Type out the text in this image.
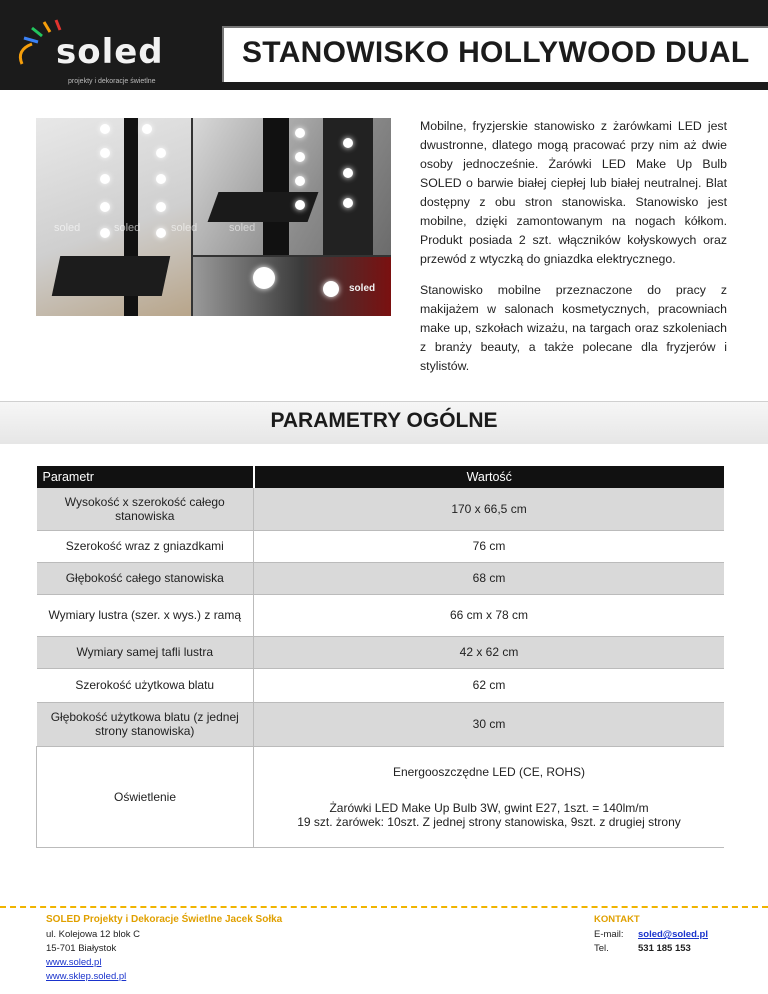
soled
projekty i dekoracje świetlne
STANOWISKO HOLLYWOOD DUAL
soled	soled	soled	soled
soled

Mobilne, fryzjerskie stanowisko z żarówkami LED jest dwustronne, dlatego mogą pracować przy nim aż dwie osoby jednocześnie. Żarówki LED Make Up Bulb SOLED o barwie białej ciepłej lub białej neutralnej. Blat dostępny z obu stron stanowiska. Stanowisko jest mobilne, dzięki zamontowanym na nogach kółkom. Produkt posiada 2 szt. włączników kołyskowych oraz przewód z wtyczką do gniazdka elektrycznego.

Stanowisko mobilne przeznaczone do pracy z makijażem w salonach kosmetycznych, pracowniach make up, szkołach wizażu, na targach oraz szkoleniach z branży beauty, a także polecane dla fryzjerów i stylistów.

PARAMETRY OGÓLNE
Parametr	Wartość
Wysokość x szerokość całego stanowiska	170 x 66,5 cm
Szerokość wraz z gniazdkami	76 cm
Głębokość całego stanowiska	68 cm
Wymiary lustra (szer. x wys.) z ramą	66 cm x 78 cm
Wymiary samej tafli lustra	42 x 62 cm
Szerokość użytkowa blatu	62 cm
Głębokość użytkowa blatu (z jednej strony stanowiska)	30 cm
Oświetlenie	Energooszczędne LED (CE, ROHS)
Żarówki LED Make Up Bulb 3W, gwint E27, 1szt. = 140lm/m
19 szt. żarówek: 10szt. Z jednej strony stanowiska, 9szt. z drugiej strony
SOLED Projekty i Dekoracje Świetlne Jacek Sołka
ul. Kolejowa 12 blok C
15-701 Białystok
www.soled.pl
www.sklep.soled.pl
KONTAKT
E-mail: soled@soled.pl
Tel.	531 185 153
